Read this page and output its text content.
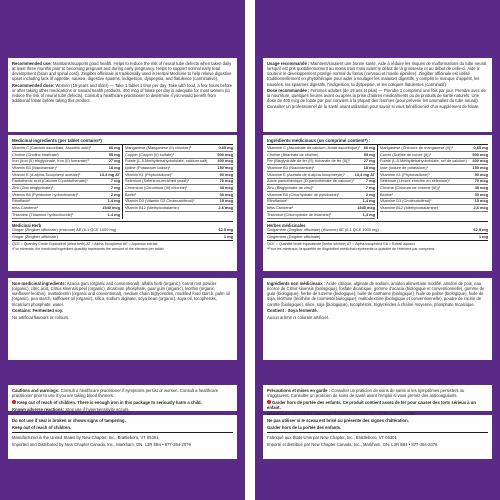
Recommended use: Maintains/supports good health. Helps to reduce the risk of neural tube defects when taken daily at least three months prior to becoming pregnant and during early pregnancy. Helps to support normal early fetal development (brain and spinal cord). Zingiber officinale is traditionally used in Herbal Medicine to help relieve digestive upset including lack of appetite, nausea, digestive spasms, indigestion, dyspepsia, and flatulence (carminative).

Recommended dose: Women (19 years and older) — Take 1 tablet 1 time per day. Take with food, a few hours before or after taking other medications or natural health products. 400 mcg of folate per day is adequate for most women (to reduce the risk of neural tube defects). Consult a healthcare practitioner to determine if you would benefit from additional folate before taking this product.

Medicinal ingredients (per tablet contains*)
Vitamin C (Calcium ascorbate, Ascorbic acid)¹	60 mg
Choline (Choline bitartrate)	55 mg
Iron (Iron (II) bisglycinate, Iron (II) fumarate)¹	27 mg
Vitamin B3 (Niacinamide)¹	18 mg
Vitamin E (d-alpha-Tocopheryl acetate)¹	13.4 mg AT
Pantothenic acid (Calcium D-pantothenate)¹	7 mg
Zinc (Zinc bisglycinate)¹	7 mg
Vitamin B6 (Pyridoxine hydrochloride)¹	2 mg
Riboflavin¹	1.4 mg
beta-Carotene¹	1540 mcg
Thiamine (Thiamine hydrochloride)¹	1.4 mg
Manganese (Manganese (II) chloride)¹	0.65 mg
Copper (Copper (II) sulfate)¹	500 mcg
Folate (L-5-Methyltetrahydrofolate, calcium salt)	400 mcg
Iodine (Potassium iodide)¹	150 mcg
Vitamin K1 (Phytonadione)¹	90 mcg
Selenium (Selenium-enriched yeast)¹	70 mcg
Chromium (Chromium (III) chloride)¹	45 mcg
Biotin¹	30 mcg
Vitamin D3 (Vitamin D3 Cholecalciferol)¹	15 mcg
Vitamin B12 (Methylcobalamin)	2.6 mcg
Medicinal Herb
Ginger (Zingiber officinale) (rhizome) AE (6:1 QCE 1000 mg)	62.5 mg
Ginger (Zingiber officinale)	1 mg
QCE = Quantity Crude Equivalent (dried herb) AT = Alpha Tocopherol AE = Aqueous extract
*For minerals, the medicinal ingredient quantity represents the amount of the element per tablet.

Non-medicinal ingredients: Acacia gum (organic and conventional), alfalfa herb (organic), carrot root powder (organic), citric acid, Citrus sinensis peel (organic), dicalcium phosphate, guar gum (organic), lecithin (organic sunflower lecithin), maltodextrin (organic and conventional), medium chain triglycerides, modified food starch, palm oil (organic), pea starch, safflower oil (organic), silica, sodium alginate, soya bean (organic), soya oil, tocopherols, tricalcium phosphate, water.

Contains: Fermented soy.

No artificial flavours or colours.

Cautions and warnings: Consult a healthcare practitioner if symptoms persist or worsen. Consult a healthcare practitioner prior to use if you are taking blood thinners.

Keep out of reach of children. There is enough iron in this package to seriously harm a child.

Known adverse reactions: Stop use if hypersensitivity occurs.

Do not use if seal is broken or shows signs of tampering.

Keep out of reach of children.

Manufactured in the United States by New Chapter, Inc., Brattleboro, VT 05301

Imported and Distributed by New Chapter Canada, Inc., Markham, ON. L3R 5B4 • 877-354-2076

Usage recommandé : Maintient/soutient une bonne santé. Aide à réduire les risques de malformations du tube neural lorsqu'il est pris quotidiennement au moins trois mois avant le début de la grossesse et au début de celle-ci. Aide à soutenir le développement protégé normal du fœtus (cerveau et moelle épinière). Zingiber officinale est utilisé traditionnellement en phytothérapie pour aider à soulager les malaises digestifs, y compris le manque d'appétit, les nausées, les spasmes digestifs, l'indigestion, la dyspepsie, et les coliques flatulentes (carminatif).

Dose recommandée : Femmes adultes (de 19 ans et plus) — Prendre 1 comprimé une fois par jour. Prendre avec de la nourriture, quelques heures avant ou après la prise d'autres médicaments ou de produits de santé naturels. Une dose de 400 mcg de folate par jour convient à la plupart des femmes (pour prévenir les anomalies du tube neural). Consulter un professionnel de la santé avant utilisation pour savoir si vous bénéficieriez d'un supplément de folate.

Ingrédients médicinaux (un comprimé contient*) :
Vitamine C (Ascorbate de calcium, Acide ascorbique)¹ 60 mg
Choline (Bitartrate de choline)	55 mg
Fer (Bisglycinate de fer (II), fumarate de fer (II))¹	27 mg
Vitamine B3 (Niacinamide)¹	18 mg
Vitamine E (Acétate de d-alpha-tocophéryle)¹	13,4 mg AT
Acide pantothénique (D-pantothénate de calcium)¹	7 mg
Zinc (Bisglycinate de zinc)¹	7 mg
Vitamine B6 (Chlorhydrate de pyridoxine)¹	2 mg
Riboflavine¹	1,4 mg
bêta-Carotène¹	1540 mcg
Thiamine (Chlorhydrate de thiamine)¹	1,4 mg
Manganèse (Chlorure de manganèse (II))¹	0,65 mg
Cuivre (Sulfate de cuivre (II))¹	500 mcg
Folate (L-5-Méthyltetrahydrofolate, sel de calcium) 400 mcg
Iode (Iodure de potassium)¹	150 mcg
Vitamine K1 (Phytonadione)¹	90 mcg
Sélénium (Levure enrichie en sélénium)¹	70 mcg
Chrome (Chlorure de chrome (III))¹	45 mcg
Biotine¹	30 mcg
Vitamine D3 (Cholécalciférol)¹	15 mcg
Vitamine B12 (Méthylcobalamine)	2,6 mcg
Herbes médicinales
Gingembre (Zingiber officinale) (rhizome) AE (6:1 QCE 1000 mg)	62,5 mg
Gingembre (Zingiber officinale)	1 mg
QCE = Quantité brute équivalente (herbe séchée) AT = Alpha-tocophérol EA = Extrait aqueux
*Pour les minéraux, la quantité de l'ingrédient médicinal représente la quantité de l'élément par comprimé.

Ingrédients non médicinaux : Acide citrique, alginate de sodium, amidon alimentaire modifié, amidon de pois, eau, écorce de Citrus sinensis (biologique), fosfate dicalcique, gomme d'acacia (biologique et conventionnelle), gomme de guar (biologique), herbe de luzerne (biologique), huile de carthame (biologique), huile de palme (biologique), huile de soja, lécithine (lécithine de tournesol biologique), maltodextrine (biologique et conventionnelle), poudre de racine de carotte (biologique), silice, soja (biologique), tocophérols, triglycérides à chaîne moyenne, phosphate tricalcique.

Contient : Soya fermenté.

Aucun arôme ni colorant artificiel.

Précautions et mises en garde : Consulter un praticien de soins de santé si les symptômes persistent ou s'aggravent. Consulter un praticien de soins de santé avant l'emploi si vous prenez des anticoagulants.

Garder hors de portée des enfants. Ce produit contient assez de fer pour causer des torts sérieux à un enfant.

Ne pas utiliser si le sceau est brisé ou présente des signes d'altération.

Garder hors de la portée des enfants.

Fabriqué aux États-Unis par New Chapter, Inc., Brattleboro, VT 05301

Importé et distribué par New Chapter Canada, Inc., Markham, ON. L3R 5B4 • 877-354-2076
